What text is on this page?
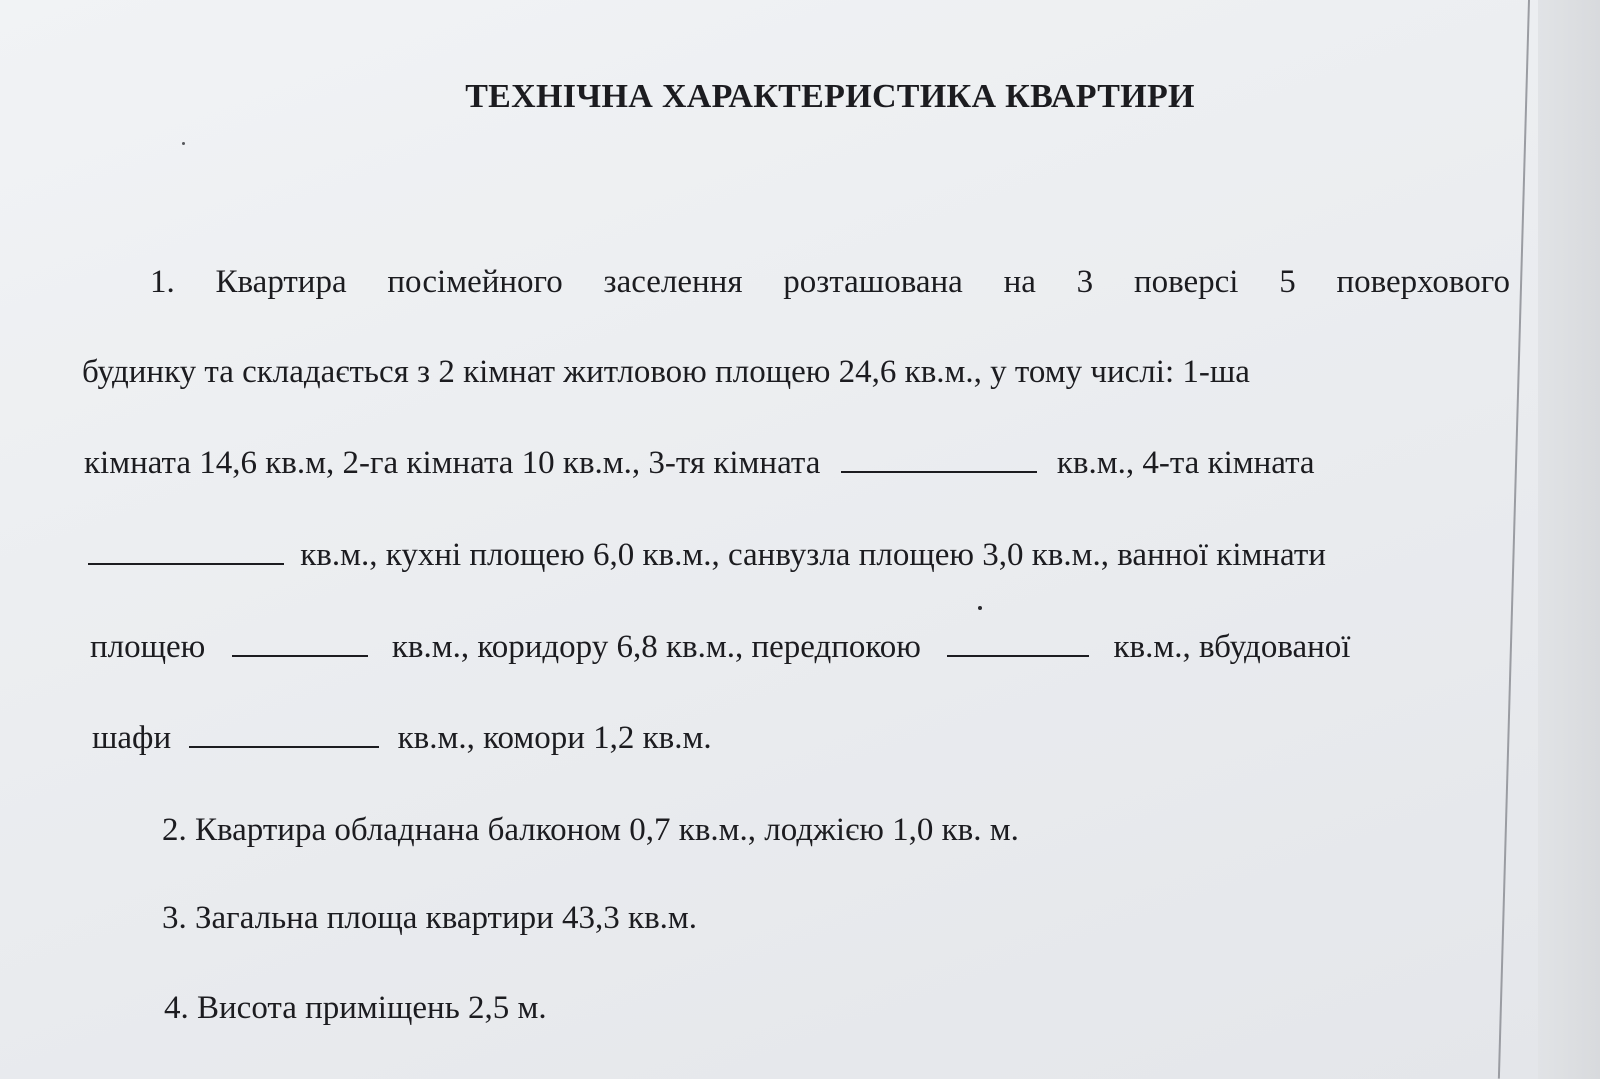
ТЕХНІЧНА ХАРАКТЕРИСТИКА КВАРТИРИ
1. Квартира посімейного заселення розташована на 3 поверсі 5 поверхового
будинку та складається з 2 кімнат житловою площею 24,6 кв.м., у тому числі: 1-ша
кімната 14,6 кв.м, 2-га кімната 10 кв.м., 3-тя кімната	кв.м., 4-та кімната
кв.м., кухні площею 6,0 кв.м., санвузла площею 3,0 кв.м., ванної кімнати
площею	кв.м., коридору 6,8 кв.м., передпокою	кв.м., вбудованої
шафи	кв.м., комори 1,2 кв.м.
2. Квартира обладнана балконом 0,7 кв.м., лоджією 1,0 кв. м.
3. Загальна площа квартири 43,3 кв.м.
4. Висота приміщень 2,5 м.
